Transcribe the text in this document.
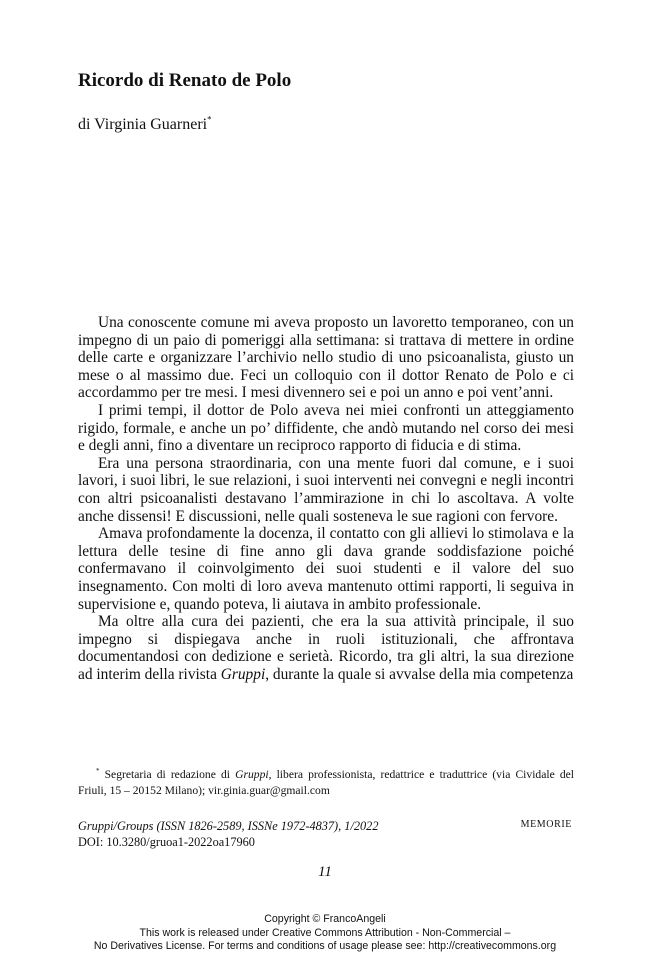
Ricordo di Renato de Polo
di Virginia Guarneri*

Una conoscente comune mi aveva proposto un lavoretto temporaneo, con un impegno di un paio di pomeriggi alla settimana: si trattava di mettere in ordine delle carte e organizzare l’archivio nello studio di uno psicoanalista, giusto un mese o al massimo due. Feci un colloquio con il dottor Renato de Polo e ci accordammo per tre mesi. I mesi divennero sei e poi un anno e poi vent’anni.

I primi tempi, il dottor de Polo aveva nei miei confronti un atteggiamento rigido, formale, e anche un po’ diffidente, che andò mutando nel corso dei mesi e degli anni, fino a diventare un reciproco rapporto di fiducia e di stima.

Era una persona straordinaria, con una mente fuori dal comune, e i suoi lavori, i suoi libri, le sue relazioni, i suoi interventi nei convegni e negli incontri con altri psicoanalisti destavano l’ammirazione in chi lo ascoltava. A volte anche dissensi! E discussioni, nelle quali sosteneva le sue ragioni con fervore.

Amava profondamente la docenza, il contatto con gli allievi lo stimolava e la lettura delle tesine di fine anno gli dava grande soddisfazione poiché confermavano il coinvolgimento dei suoi studenti e il valore del suo insegnamento. Con molti di loro aveva mantenuto ottimi rapporti, li seguiva in supervisione e, quando poteva, li aiutava in ambito professionale.

Ma oltre alla cura dei pazienti, che era la sua attività principale, il suo impegno si dispiegava anche in ruoli istituzionali, che affrontava documentandosi con dedizione e serietà. Ricordo, tra gli altri, la sua direzione ad interim della rivista Gruppi, durante la quale si avvalse della mia competenza

* Segretaria di redazione di Gruppi, libera professionista, redattrice e traduttrice (via Cividale del Friuli, 15 – 20152 Milano); vir.ginia.guar@gmail.com
Gruppi/Groups (ISSN 1826-2589, ISSNe 1972-4837), 1/2022
DOI: 10.3280/gruoa1-2022oa17960
MEMORIE
11
Copyright © FrancoAngeli
This work is released under Creative Commons Attribution - Non-Commercial –
No Derivatives License. For terms and conditions of usage please see: http://creativecommons.org
